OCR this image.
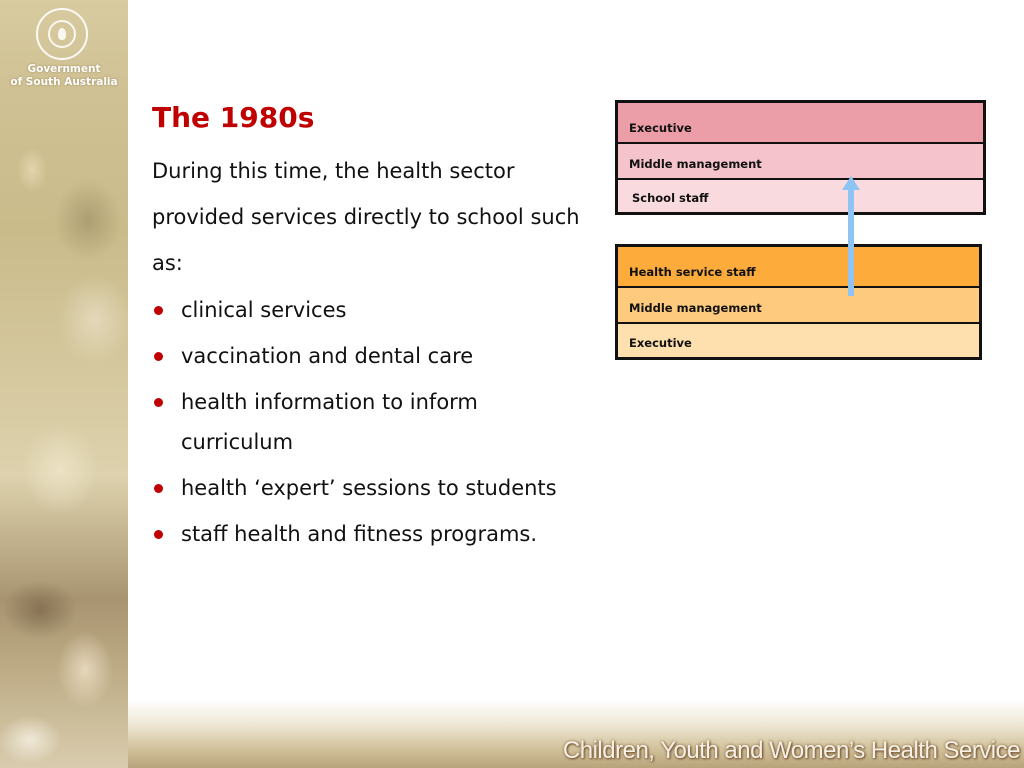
Government
of South Australia
The 1980s
During this time, the health sector provided services directly to school such as:
clinical services
vaccination and dental care
health information to inform curriculum
health ‘expert’ sessions to students
staff health and fitness programs.
Executive
Middle management
School staff
Health service staff
Middle management
Executive
Children, Youth and Women’s Health Service
